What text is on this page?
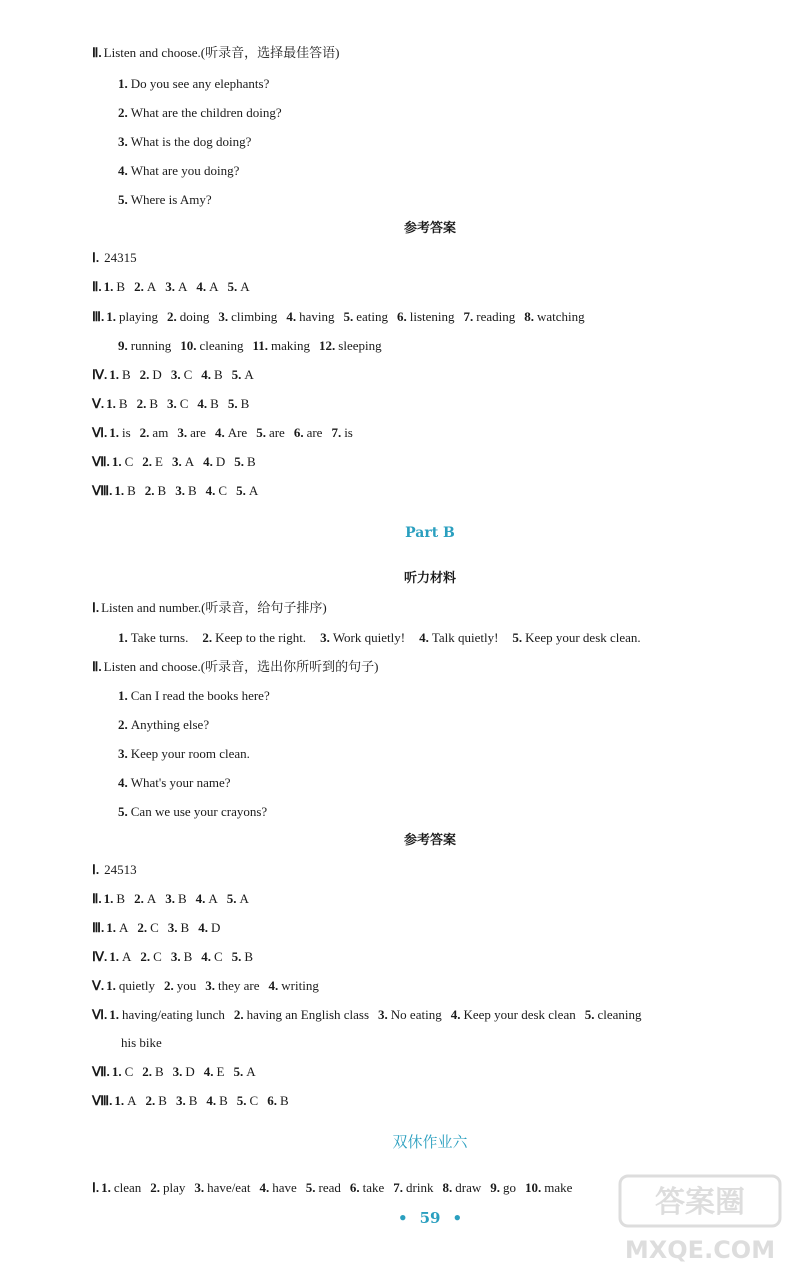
Ⅱ. Listen and choose.(听录音，选择最佳答语)
1. Do you see any elephants?
2. What are the children doing?
3. What is the dog doing?
4. What are you doing?
5. Where is Amy?
参考答案
Ⅰ. 24315
Ⅱ. 1. B 2. A 3. A 4. A 5. A
Ⅲ. 1. playing 2. doing 3. climbing 4. having 5. eating 6. listening 7. reading 8. watching
9. running 10. cleaning 11. making 12. sleeping
Ⅳ. 1. B 2. D 3. C 4. B 5. A
Ⅴ. 1. B 2. B 3. C 4. B 5. B
Ⅵ. 1. is 2. am 3. are 4. Are 5. are 6. are 7. is
Ⅶ. 1. C 2. E 3. A 4. D 5. B
Ⅷ. 1. B 2. B 3. B 4. C 5. A
Part B
听力材料
Ⅰ. Listen and number.(听录音，给句子排序)
1. Take turns. 2. Keep to the right. 3. Work quietly! 4. Talk quietly! 5. Keep your desk clean.
Ⅱ. Listen and choose.(听录音，选出你所听到的句子)
1. Can I read the books here?
2. Anything else?
3. Keep your room clean.
4. What's your name?
5. Can we use your crayons?
参考答案
Ⅰ. 24513
Ⅱ. 1. B 2. A 3. B 4. A 5. A
Ⅲ. 1. A 2. C 3. B 4. D
Ⅳ. 1. A 2. C 3. B 4. C 5. B
Ⅴ. 1. quietly 2. you 3. they are 4. writing
Ⅵ. 1. having/eating lunch 2. having an English class 3. No eating 4. Keep your desk clean 5. cleaning
his bike
Ⅶ. 1. C 2. B 3. D 4. E 5. A
Ⅷ. 1. A 2. B 3. B 4. B 5. C 6. B
双休作业六
Ⅰ. 1. clean 2. play 3. have/eat 4. have 5. read 6. take 7. drink 8. draw 9. go 10. make	答案圈
MXQE.COM
• 59 •
